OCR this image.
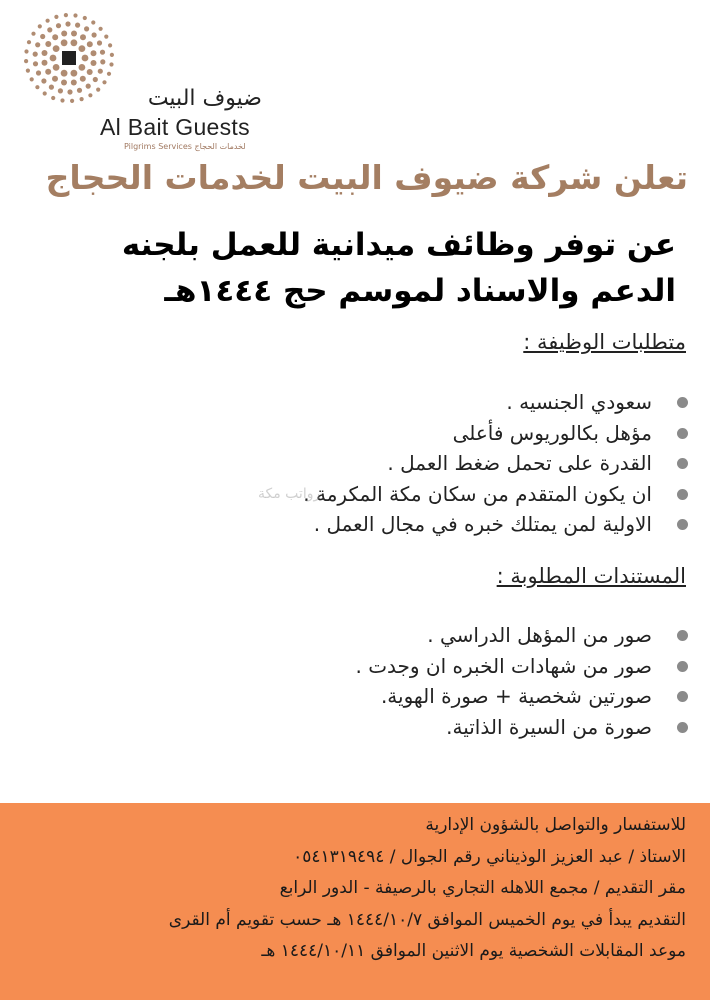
ضيوف البيت
Al Bait Guests
Pilgrims Services لخدمات الحجاج
تعلن شركة ضيوف البيت لخدمات الحجاج
عن توفر وظائف ميدانية للعمل بلجنه
الدعم والاسناد لموسم حج ١٤٤٤هـ
متطلبات الوظيفة :
سعودي الجنسيه .
مؤهل بكالوريوس فأعلى
القدرة على تحمل ضغط العمل .
ان يكون المتقدم من سكان مكة المكرمة .
الاولية لمن يمتلك خبره في مجال العمل .
رواتب مكة
المستندات المطلوبة :
صور من المؤهل الدراسي .
صور من شهادات الخبره ان وجدت .
صورتين شخصية + صورة الهوية.
صورة من السيرة الذاتية.
للاستفسار والتواصل بالشؤون الإدارية
الاستاذ / عبد العزيز الوذيناني رقم الجوال / ٠٥٤١٣١٩٤٩٤
مقر التقديم / مجمع اللاهله التجاري بالرصيفة - الدور الرابع
التقديم يبدأ في يوم الخميس الموافق ١٤٤٤/١٠/٧ هـ حسب تقويم أم القرى
موعد المقابلات الشخصية يوم الاثنين الموافق ١٤٤٤/١٠/١١ هـ
